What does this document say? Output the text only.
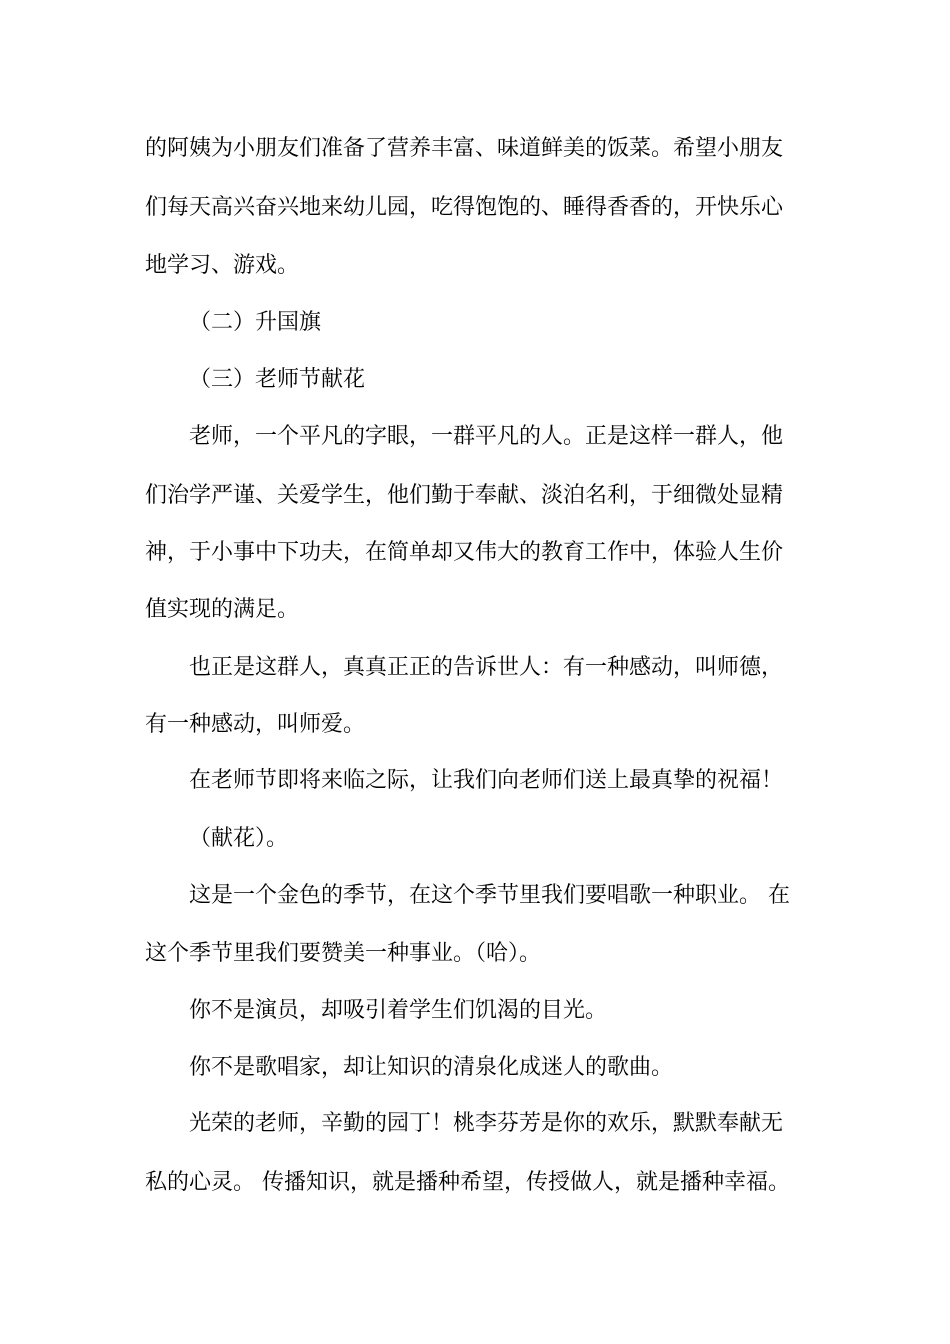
的阿姨为小朋友们准备了营养丰富、味道鲜美的饭菜。希望小朋友
们每天高兴奋兴地来幼儿园，吃得饱饱的、睡得香香的，开快乐心
地学习、游戏。
（二）升国旗
（三）老师节献花
老师，一个平凡的字眼，一群平凡的人。正是这样一群人，他
们治学严谨、关爱学生，他们勤于奉献、淡泊名利，于细微处显精
神，于小事中下功夫，在简单却又伟大的教育工作中，体验人生价
值实现的满足。
也正是这群人，真真正正的告诉世人：有一种感动，叫师德，
有一种感动，叫师爱。
在老师节即将来临之际，让我们向老师们送上最真挚的祝福！
（献花）。
这是一个金色的季节，在这个季节里我们要唱歌一种职业。 在
这个季节里我们要赞美一种事业。（哈）。
你不是演员，却吸引着学生们饥渴的目光。
你不是歌唱家，却让知识的清泉化成迷人的歌曲。
光荣的老师，辛勤的园丁！桃李芬芳是你的欢乐，默默奉献无
私的心灵。 传播知识，就是播种希望，传授做人，就是播种幸福。
